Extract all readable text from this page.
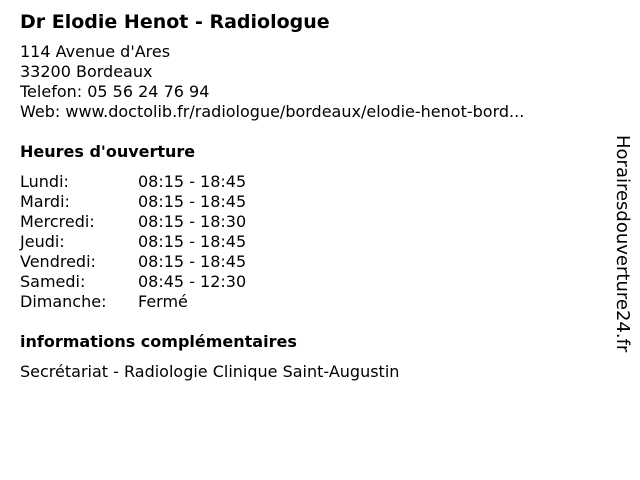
Dr Elodie Henot - Radiologue
114 Avenue d'Ares
33200 Bordeaux
Telefon: 05 56 24 76 94
Web: www.doctolib.fr/radiologue/bordeaux/elodie-henot-bord...
Heures d'ouverture
Lundi:	08:15 - 18:45
Mardi:	08:15 - 18:45
Mercredi:	08:15 - 18:30
Jeudi:	08:15 - 18:45
Vendredi:	08:15 - 18:45
Samedi:	08:45 - 12:30
Dimanche:	Fermé
informations complémentaires
Secrétariat - Radiologie Clinique Saint-Augustin
Horairesdouverture24.fr
